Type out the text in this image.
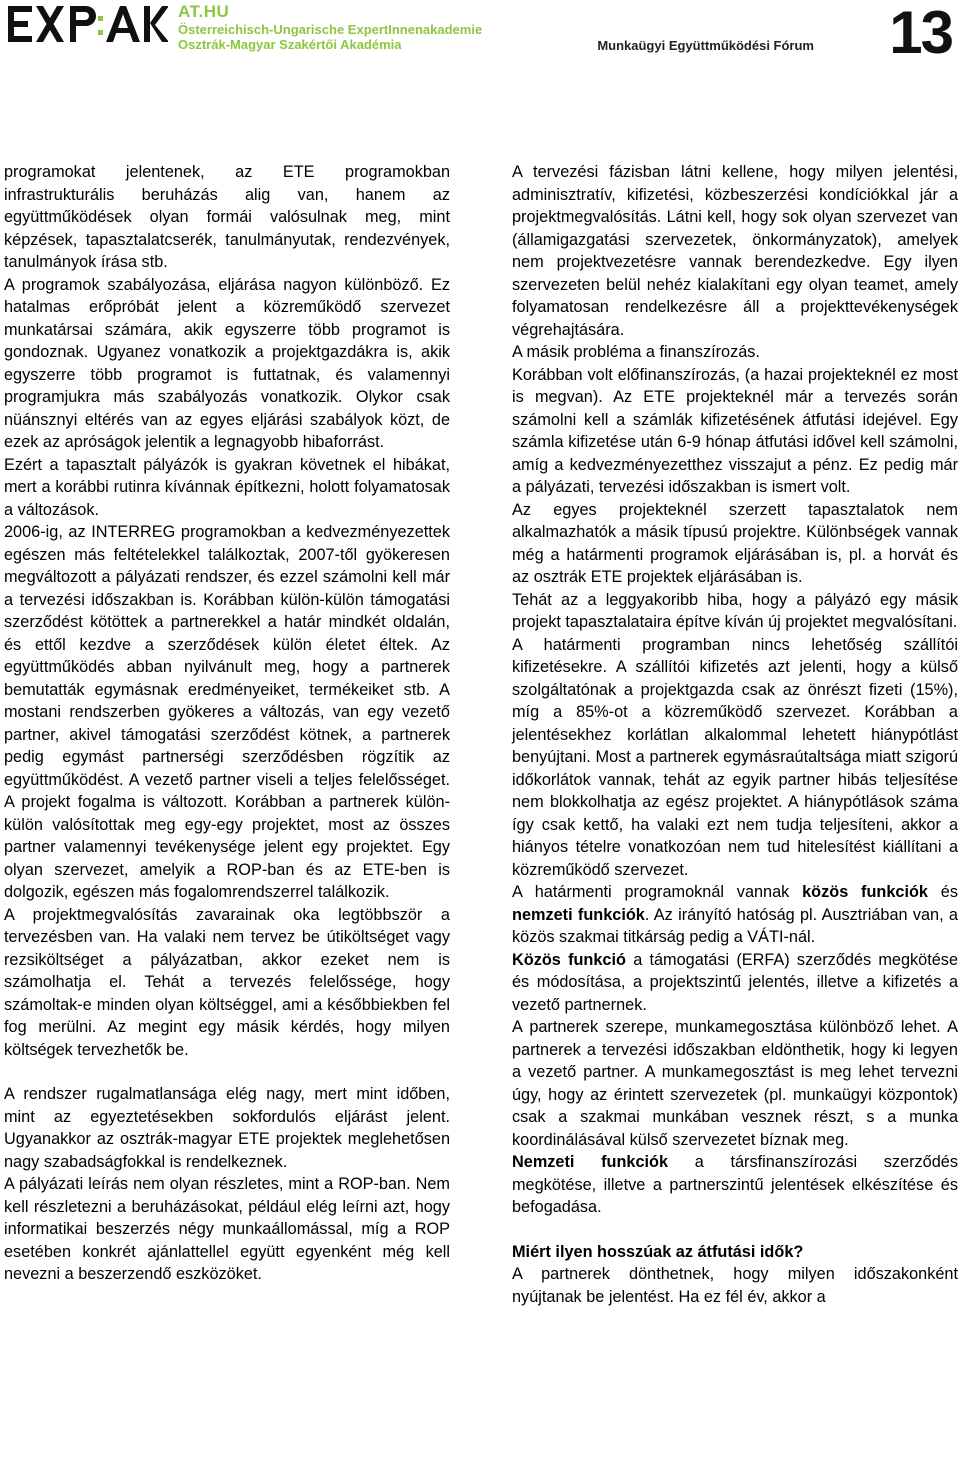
AT.HU
Österreichisch-Ungarische ExpertInnenakademie
Osztrák-Magyar Szakértői Akadémia	Munkaügyi Együttműködési Fórum 13

programokat jelentenek, az ETE programokban infrastrukturális beruházás alig van, hanem az együttműködések olyan formái valósulnak meg, mint képzések, tapasztalatcserék, tanulmányutak, rendezvények, tanulmányok írása stb.

A programok szabályozása, eljárása nagyon különböző. Ez hatalmas erőpróbát jelent a közreműködő szervezet munkatársai számára, akik egyszerre több programot is gondoznak. Ugyanez vonatkozik a projektgazdákra is, akik egyszerre több programot is futtatnak, és valamennyi programjukra más szabályozás vonatkozik. Olykor csak nüánsznyi eltérés van az egyes eljárási szabályok közt, de ezek az apróságok jelentik a legnagyobb hibaforrást.

Ezért a tapasztalt pályázók is gyakran követnek el hibákat, mert a korábbi rutinra kívánnak építkezni, holott folyamatosak a változások.

2006-ig, az INTERREG programokban a kedvezményezettek egészen más feltételekkel találkoztak, 2007-től gyökeresen megváltozott a pályázati rendszer, és ezzel számolni kell már a tervezési időszakban is. Korábban külön-külön támogatási szerződést kötöttek a partnerekkel a határ mindkét oldalán, és ettől kezdve a szerződések külön életet éltek. Az együttműködés abban nyilvánult meg, hogy a partnerek bemutatták egymásnak eredményeiket, termékeiket stb. A mostani rendszerben gyökeres a változás, van egy vezető partner, akivel támogatási szerződést kötnek, a partnerek pedig egymást partnerségi szerződésben rögzítik az együttműködést. A vezető partner viseli a teljes felelősséget. A projekt fogalma is változott. Korábban a partnerek külön-külön valósítottak meg egy-egy projektet, most az összes partner valamennyi tevékenysége jelent egy projektet. Egy olyan szervezet, amelyik a ROP-ban és az ETE-ben is dolgozik, egészen más fogalomrendszerrel találkozik.

A projektmegvalósítás zavarainak oka legtöbbször a tervezésben van. Ha valaki nem tervez be útiköltséget vagy rezsiköltséget a pályázatban, akkor ezeket nem is számolhatja el. Tehát a tervezés felelőssége, hogy számoltak-e minden olyan költséggel, ami a későbbiekben fel fog merülni. Az megint egy másik kérdés, hogy milyen költségek tervezhetők be.

A rendszer rugalmatlansága elég nagy, mert mint időben, mint az egyeztetésekben sokfordulós eljárást jelent. Ugyanakkor az osztrák-magyar ETE projektek meglehetősen nagy szabadságfokkal is rendelkeznek.

A pályázati leírás nem olyan részletes, mint a ROP-ban. Nem kell részletezni a beruházásokat, például elég leírni azt, hogy informatikai beszerzés négy munkaállomással, míg a ROP esetében konkrét ajánlattellel együtt egyenként még kell nevezni a beszerzendő eszközöket.

A tervezési fázisban látni kellene, hogy milyen jelentési, adminisztratív, kifizetési, közbeszerzési kondíciókkal jár a projektmegvalósítás. Látni kell, hogy sok olyan szervezet van (államigazgatási szervezetek, önkormányzatok), amelyek nem projektvezetésre vannak berendezkedve. Egy ilyen szervezeten belül nehéz kialakítani egy olyan teamet, amely folyamatosan rendelkezésre áll a projekttevékenységek végrehajtására.

A másik probléma a finanszírozás.

Korábban volt előfinanszírozás, (a hazai projekteknél ez most is megvan). Az ETE projekteknél már a tervezés során számolni kell a számlák kifizetésének átfutási idejével. Egy számla kifizetése után 6-9 hónap átfutási idővel kell számolni, amíg a kedvezményezetthez visszajut a pénz. Ez pedig már a pályázati, tervezési időszakban is ismert volt.

Az egyes projekteknél szerzett tapasztalatok nem alkalmazhatók a másik típusú projektre. Különbségek vannak még a határmenti programok eljárásában is, pl. a horvát és az osztrák ETE projektek eljárásában is.

Tehát az a leggyakoribb hiba, hogy a pályázó egy másik projekt tapasztalataira építve kíván új projektet megvalósítani.

A határmenti programban nincs lehetőség szállítói kifizetésekre. A szállítói kifizetés azt jelenti, hogy a külső szolgáltatónak a projektgazda csak az önrészt fizeti (15%), míg a 85%-ot a közreműködő szervezet. Korábban a jelentésekhez korlátlan alkalommal lehetett hiánypótlást benyújtani. Most a partnerek egymásraútaltsága miatt szigorú időkorlátok vannak, tehát az egyik partner hibás teljesítése nem blokkolhatja az egész projektet. A hiánypótlások száma így csak kettő, ha valaki ezt nem tudja teljesíteni, akkor a hiányos tételre vonatkozóan nem tud hitelesítést kiállítani a közreműködő szervezet.

A határmenti programoknál vannak közös funkciók és nemzeti funkciók. Az irányító hatóság pl. Ausztriában van, a közös szakmai titkárság pedig a VÁTI-nál.

Közös funkció a támogatási (ERFA) szerződés megkötése és módosítása, a projektszintű jelentés, illetve a kifizetés a vezető partnernek.

A partnerek szerepe, munkamegosztása különböző lehet. A partnerek a tervezési időszakban eldönthetik, hogy ki legyen a vezető partner. A munkamegosztást is meg lehet tervezni úgy, hogy az érintett szervezetek (pl. munkaügyi központok) csak a szakmai munkában vesznek részt, s a munka koordinálásával külső szervezetet bíznak meg.

Nemzeti funkciók a társfinanszírozási szerződés megkötése, illetve a partnerszintű jelentések elkészítése és befogadása.

Miért ilyen hosszúak az átfutási idők?

A partnerek dönthetnek, hogy milyen időszakonként nyújtanak be jelentést. Ha ez fél év, akkor a
